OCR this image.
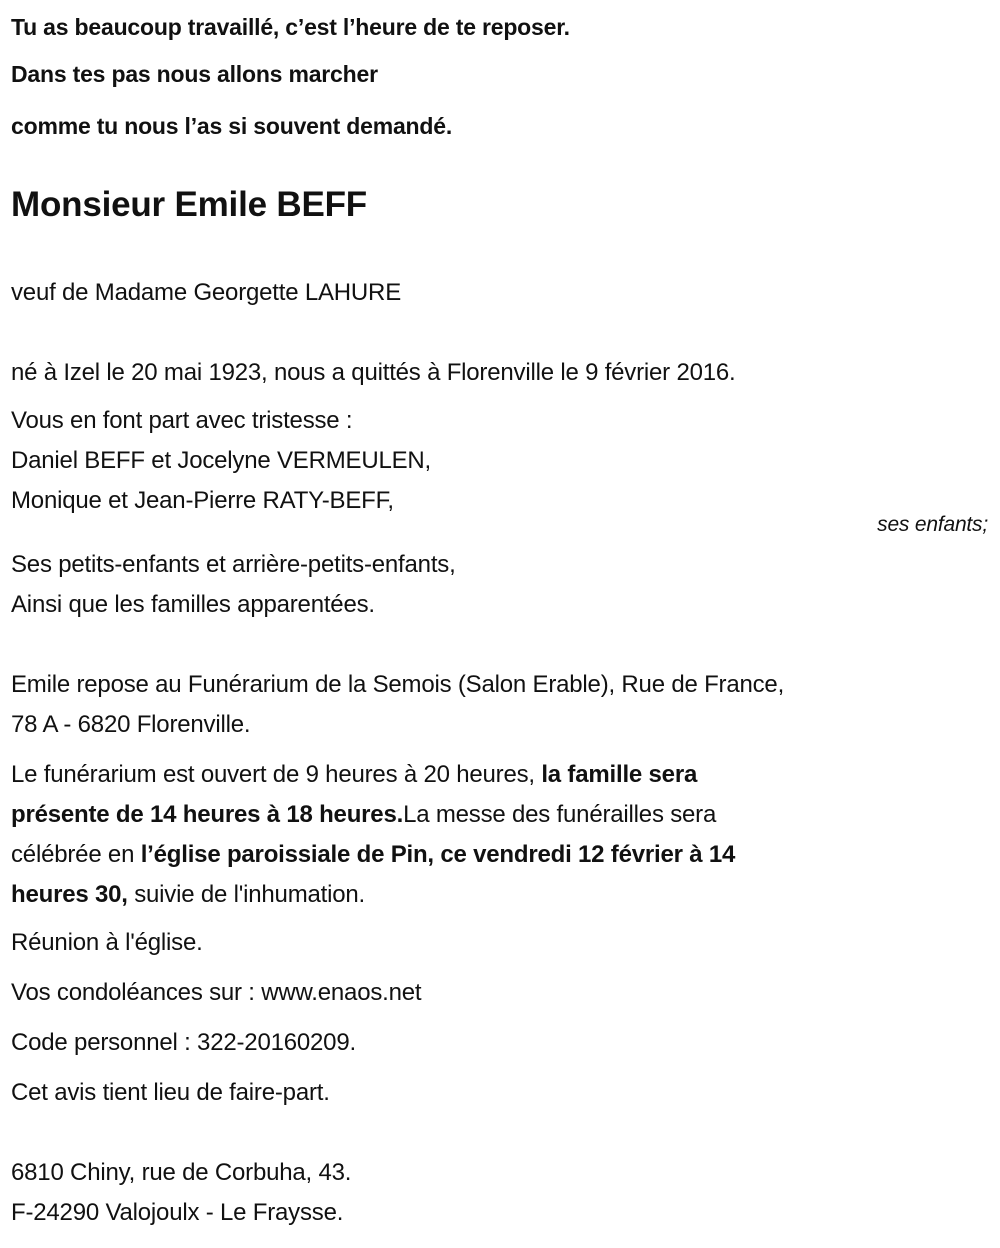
Tu as beaucoup travaillé, c’est l’heure de te reposer.
Dans tes pas nous allons marcher
comme tu nous l’as si souvent demandé.
Monsieur Emile BEFF
veuf de Madame Georgette LAHURE
né à Izel le 20 mai 1923, nous a quittés à Florenville le 9 février 2016.
Vous en font part avec tristesse :
Daniel BEFF et Jocelyne VERMEULEN,
Monique et Jean-Pierre RATY-BEFF,
ses enfants;
Ses petits-enfants et arrière-petits-enfants,
Ainsi que les familles apparentées.
Emile repose au Funérarium de la Semois (Salon Erable), Rue de France,
78 A - 6820 Florenville.
Le funérarium est ouvert de 9 heures à 20 heures, la famille sera
présente de 14 heures à 18 heures.La messe des funérailles sera
célébrée en l’église paroissiale de Pin, ce vendredi 12 février à 14
heures 30, suivie de l'inhumation.
Réunion à l'église.
Vos condoléances sur : www.enaos.net
Code personnel : 322-20160209.
Cet avis tient lieu de faire-part.
6810 Chiny, rue de Corbuha, 43.
F-24290 Valojoulx - Le Fraysse.
